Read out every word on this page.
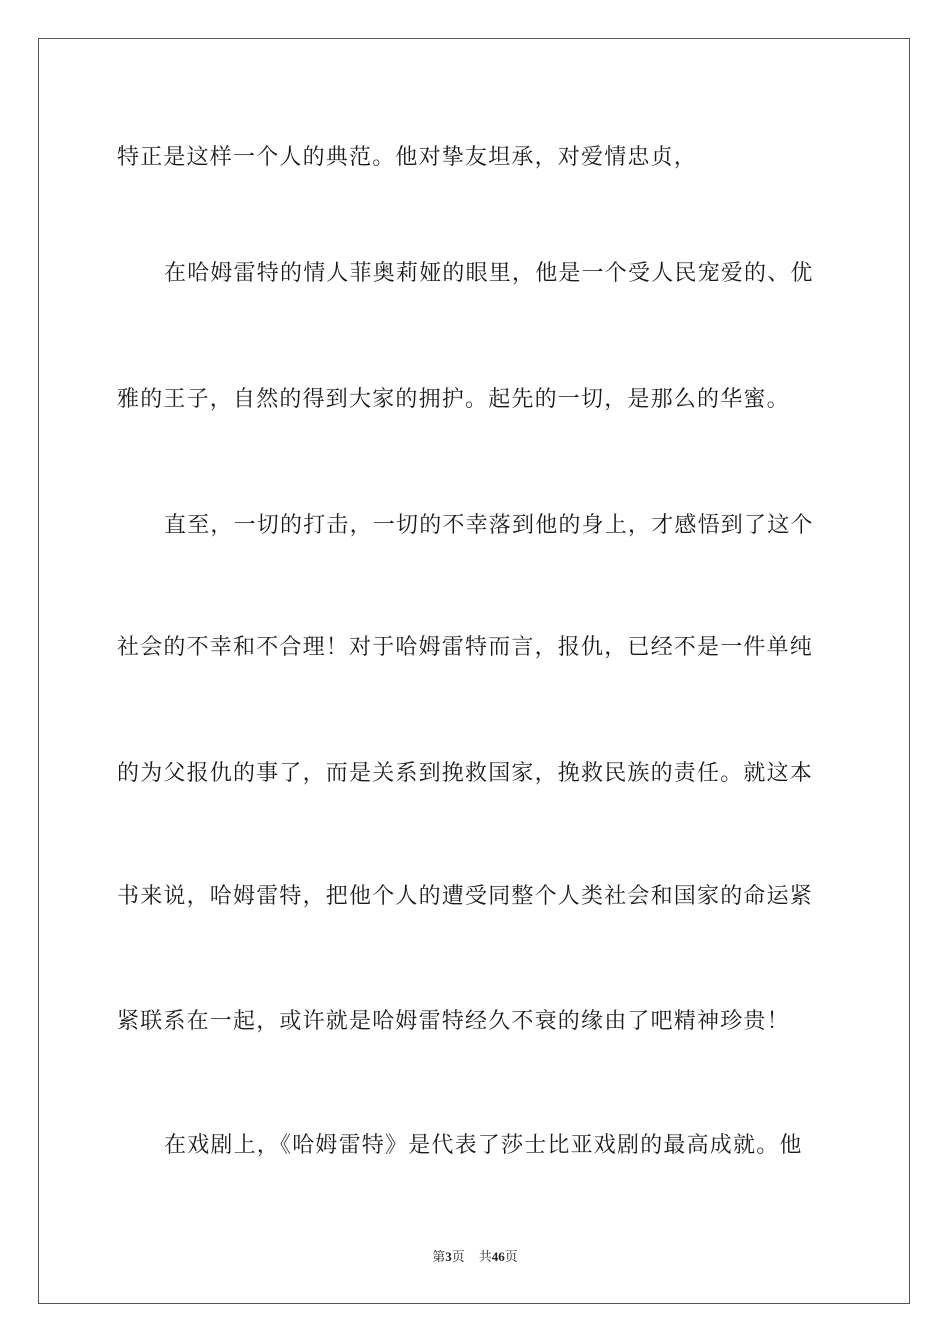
特正是这样一个人的典范。他对挚友坦承，对爱情忠贞，
在哈姆雷特的情人菲奥莉娅的眼里，他是一个受人民宠爱的、优
雅的王子，自然的得到大家的拥护。起先的一切，是那么的华蜜。
直至，一切的打击，一切的不幸落到他的身上，才感悟到了这个
社会的不幸和不合理！对于哈姆雷特而言，报仇，已经不是一件单纯
的为父报仇的事了，而是关系到挽救国家，挽救民族的责任。就这本
书来说，哈姆雷特，把他个人的遭受同整个人类社会和国家的命运紧
紧联系在一起，或许就是哈姆雷特经久不衰的缘由了吧精神珍贵！
在戏剧上，《哈姆雷特》是代表了莎士比亚戏剧的最高成就。他
第3页 共46页
